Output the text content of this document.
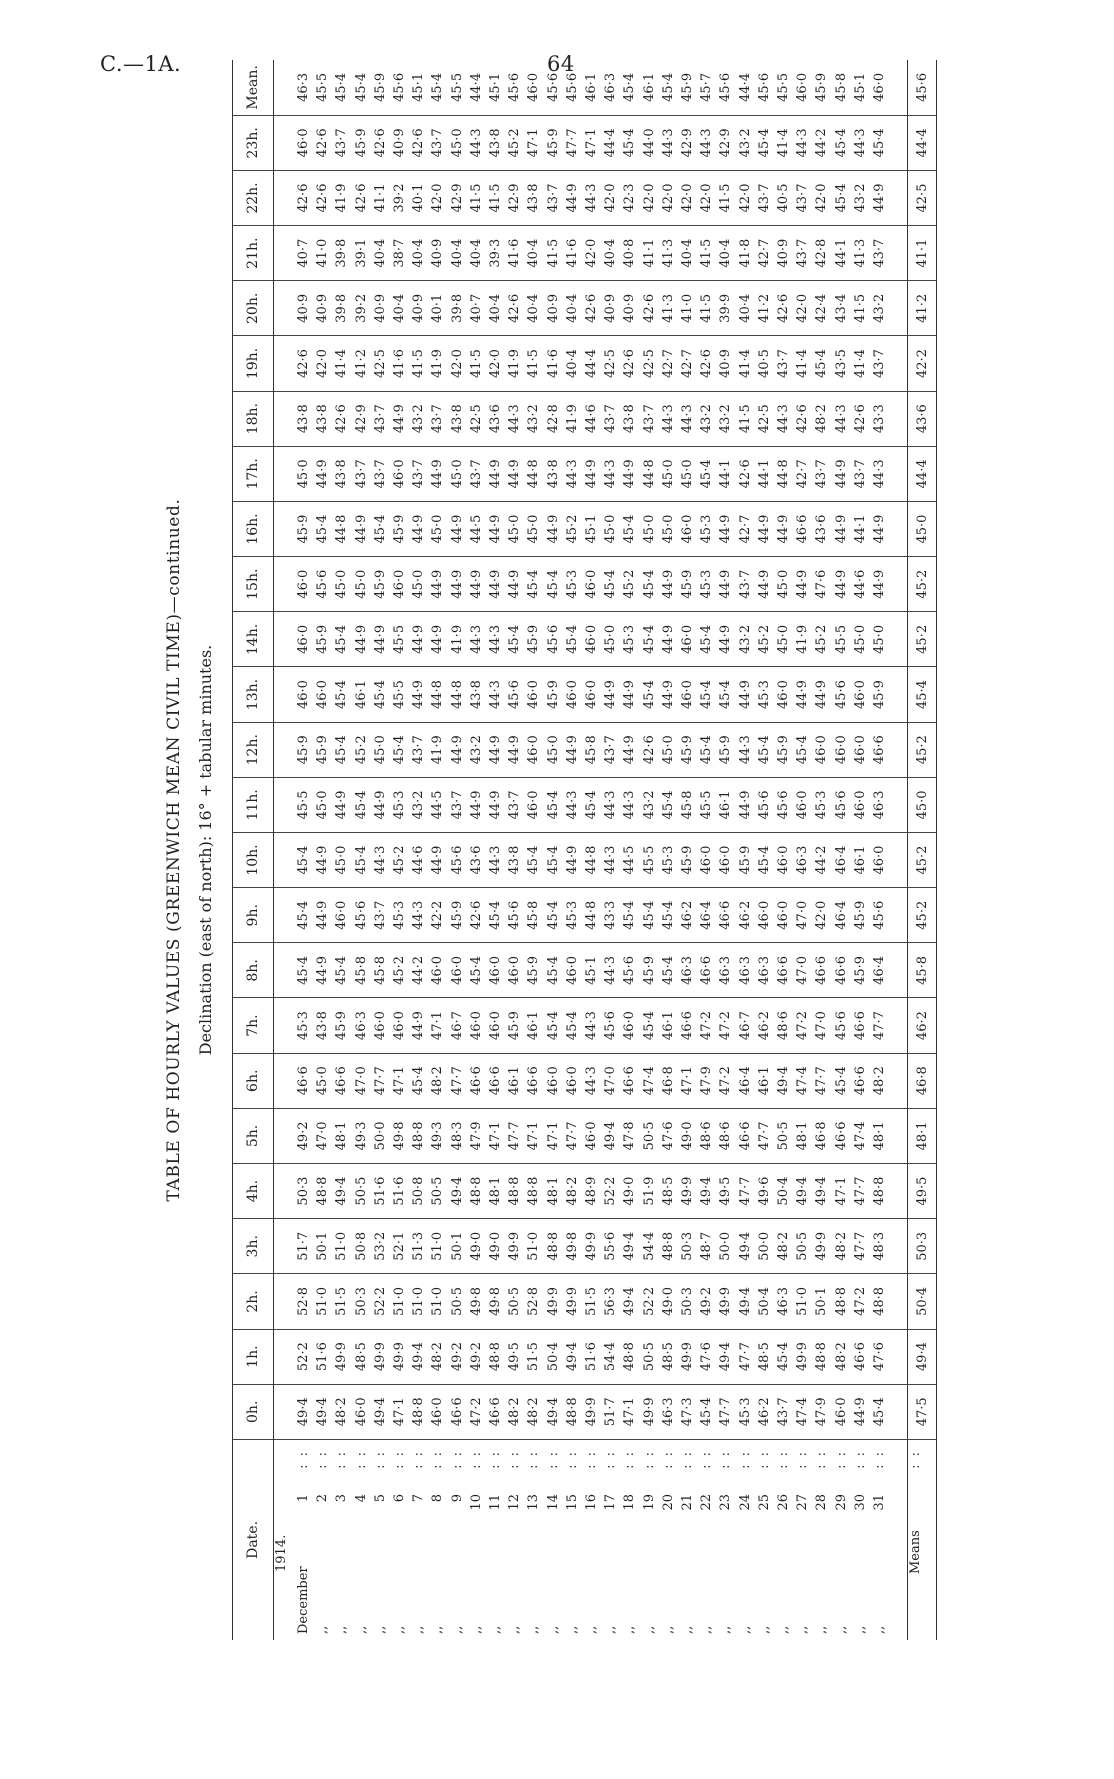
C.—1A.	64
TABLE OF HOURLY VALUES (GREENWICH MEAN CIVIL TIME)—continued. Declination (east of north): 16° + tabular minutes.
Date.	0h.	1h.	2h.	3h.	4h.	5h.	6h.	7h.	8h.	9h.	10h.	11h.	12h.	13h.	14h.	15h.	16h.	17h.	18h.	19h.	20h.	21h.	22h.	23h.	Mean.

1914.																									

December
1
: :	49·4	52·2	52·8	51·7	50·3	49·2	46·6	45·3	45·4	45·4	45·4	45·5	45·9	46·0	46·0	46·0	45·9	45·0	43·8	42·6	40·9	40·7	42·6	46·0	46·3

,,
2
: :	49·4	51·6	51·0	50·1	48·8	47·0	45·0	43·8	44·9	44·9	44·9	45·0	45·9	46·0	45·9	45·6	45·4	44·9	43·8	42·0	40·9	41·0	42·6	42·6	45·5

,,
3
: :	48·2	49·9	51·5	51·0	49·4	48·1	46·6	45·9	45·4	46·0	45·0	44·9	45·4	45·4	45·4	45·0	44·8	43·8	42·6	41·4	39·8	39·8	41·9	43·7	45·4

,,
4
: :	46·0	48·5	50·3	50·8	50·5	49·3	47·0	46·3	45·8	45·6	45·4	45·4	45·2	46·1	44·9	45·0	44·9	43·7	42·9	41·2	39·2	39·1	42·6	45·9	45·4

,,
5
: :	49·4	49·9	52·2	53·2	51·6	50·0	47·7	46·0	45·8	43·7	44·3	44·9	45·0	45·4	44·9	45·9	45·4	43·7	43·7	42·5	40·9	40·4	41·1	42·6	45·9

,,
6
: :	47·1	49·9	51·0	52·1	51·6	49·8	47·1	46·0	45·2	45·3	45·2	45·3	45·4	45·5	45·5	46·0	45·9	46·0	44·9	41·6	40·4	38·7	39·2	40·9	45·6

,,
7
: :	48·8	49·4	51·0	51·3	50·8	48·8	45·4	44·9	44·2	44·3	44·6	43·2	43·7	44·9	44·9	45·0	44·9	43·7	43·2	41·5	40·9	40·4	40·1	42·6	45·1

,,
8
: :	46·0	48·2	51·0	51·0	50·5	49·3	48·2	47·1	46·0	42·2	44·9	44·5	41·9	44·8	44·9	44·9	45·0	44·9	43·7	41·9	40·1	40·9	42·0	43·7	45·4

,,
9
: :	46·6	49·2	50·5	50·1	49·4	48·3	47·7	46·7	46·0	45·9	45·6	43·7	44·9	44·8	41·9	44·9	44·9	45·0	43·8	42·0	39·8	40·4	42·9	45·0	45·5

,,
10
: :	47·2	49·2	49·8	49·0	48·8	47·9	46·6	46·0	45·4	42·6	43·6	44·9	43·2	43·8	44·3	44·9	44·5	43·7	42·5	41·5	40·7	40·4	41·5	44·3	44·4

,,
11
: :	46·6	48·8	49·8	49·0	48·1	47·1	46·6	46·0	46·0	45·4	44·3	44·9	44·9	44·3	44·3	44·9	44·9	44·9	43·6	42·0	40·4	39·3	41·5	43·8	45·1

,,
12
: :	48·2	49·5	50·5	49·9	48·8	47·7	46·1	45·9	46·0	45·6	43·8	43·7	44·9	45·6	45·4	44·9	45·0	44·9	44·3	41·9	42·6	41·6	42·9	45·2	45·6

,,
13
: :	48·2	51·5	52·8	51·0	48·8	47·1	46·6	46·1	45·9	45·8	45·4	46·0	46·0	46·0	45·9	45·4	45·0	44·8	43·2	41·5	40·4	40·4	43·8	47·1	46·0

,,
14
: :	49·4	50·4	49·9	48·8	48·1	47·1	46·0	45·4	45·4	45·4	45·4	45·4	45·0	45·9	45·6	45·4	44·9	43·8	42·8	41·6	40·9	41·5	43·7	45·9	45·6

,,
15
: :	48·8	49·4	49·9	49·8	48·2	47·7	46·0	45·4	46·0	45·3	44·9	44·3	44·9	46·0	45·4	45·3	45·2	44·3	41·9	40·4	40·4	41·6	44·9	47·7	45·6

,,
16
: :	49·9	51·6	51·5	49·9	48·9	46·0	44·3	44·3	45·1	44·8	44·8	45·4	45·8	46·0	46·0	46·0	45·1	44·9	44·6	44·4	42·6	42·0	44·3	47·1	46·1

,,
17
: :	51·7	54·4	56·3	55·6	52·2	49·4	47·0	45·6	44·3	43·3	44·3	44·3	43·7	44·9	45·0	45·4	45·0	44·3	43·7	42·5	40·9	40·4	42·0	44·4	46·3

,,
18
: :	47·1	48·8	49·4	49·4	49·0	47·8	46·6	46·0	45·6	45·4	44·5	44·3	44·9	44·9	45·3	45·2	45·4	44·9	43·8	42·6	40·9	40·8	42·3	45·4	45·4

,,
19
: :	49·9	50·5	52·2	54·4	51·9	50·5	47·4	45·4	45·9	45·4	45·5	43·2	42·6	45·4	45·4	45·4	45·0	44·8	43·7	42·5	42·6	41·1	42·0	44·0	46·1

,,
20
: :	46·3	48·5	49·0	48·8	48·5	47·6	46·8	46·1	45·4	45·4	45·3	45·4	45·0	44·9	44·9	44·9	45·0	45·0	44·3	42·7	41·3	41·3	42·0	44·3	45·4

,,
21
: :	47·3	49·9	50·3	50·3	49·9	49·0	47·1	46·6	46·3	46·2	45·9	45·8	45·9	46·0	46·0	45·9	46·0	45·0	44·3	42·7	41·0	40·4	42·0	42·9	45·9

,,
22
: :	45·4	47·6	49·2	48·7	49·4	48·6	47·9	47·2	46·6	46·4	46·0	45·5	45·4	45·4	45·4	45·3	45·3	45·4	43·2	42·6	41·5	41·5	42·0	44·3	45·7

,,
23
: :	47·7	49·4	49·9	50·0	49·5	48·6	47·2	47·2	46·3	46·6	46·0	46·1	45·9	45·4	44·9	44·9	44·9	44·1	43·2	40·9	39·9	40·4	41·5	42·9	45·6

,,
24
: :	45·3	47·7	49·4	49·4	47·7	46·6	46·4	46·7	46·3	46·2	45·9	44·9	44·3	44·9	43·2	43·7	42·7	42·6	41·5	41·4	40·4	41·8	42·0	43·2	44·4

,,
25
: :	46·2	48·5	50·4	50·0	49·6	47·7	46·1	46·2	46·3	46·0	45·4	45·6	45·4	45·3	45·2	44·9	44·9	44·1	42·5	40·5	41·2	42·7	43·7	45·4	45·6

,,
26
: :	43·7	45·4	46·3	48·2	50·4	50·5	49·4	48·6	46·6	46·0	46·0	45·6	45·9	46·0	45·0	45·0	44·9	44·8	44·3	43·7	42·6	40·9	40·5	41·4	45·5

,,
27
: :	47·4	49·9	51·0	50·5	49·4	48·1	47·4	47·2	47·0	47·0	46·3	46·0	45·4	44·9	41·9	44·9	46·6	42·7	42·6	41·4	42·0	43·7	43·7	44·3	46·0

,,
28
: :	47·9	48·8	50·1	49·9	49·4	46·8	47·7	47·0	46·6	42·0	44·2	45·3	46·0	44·9	45·2	47·6	43·6	43·7	48·2	45·4	42·4	42·8	42·0	44·2	45·9

,,
29
: :	46·0	48·2	48·8	48·2	47·1	46·6	45·4	45·6	46·6	46·4	46·4	45·6	46·0	45·6	45·5	44·9	44·9	44·9	44·3	43·5	43·4	44·1	45·4	45·4	45·8

,,
30
: :	44·9	46·6	47·2	47·7	47·7	47·4	46·6	46·6	45·9	45·9	46·1	46·0	46·0	46·0	45·0	44·6	44·1	43·7	42·6	41·4	41·5	41·3	43·2	44·3	45·1

,,
31
: :	45·4	47·6	48·8	48·3	48·8	48·1	48·2	47·7	46·4	45·6	46·0	46·3	46·6	45·9	45·0	44·9	44·9	44·3	43·3	43·7	43·2	43·7	44·9	45·4	46·0

Means
: :	47·5	49·4	50·4	50·3	49·5	48·1	46·8	46·2	45·8	45·2	45·2	45·0	45·2	45·4	45·2	45·2	45·0	44·4	43·6	42·2	41·2	41·1	42·5	44·4	45·6
